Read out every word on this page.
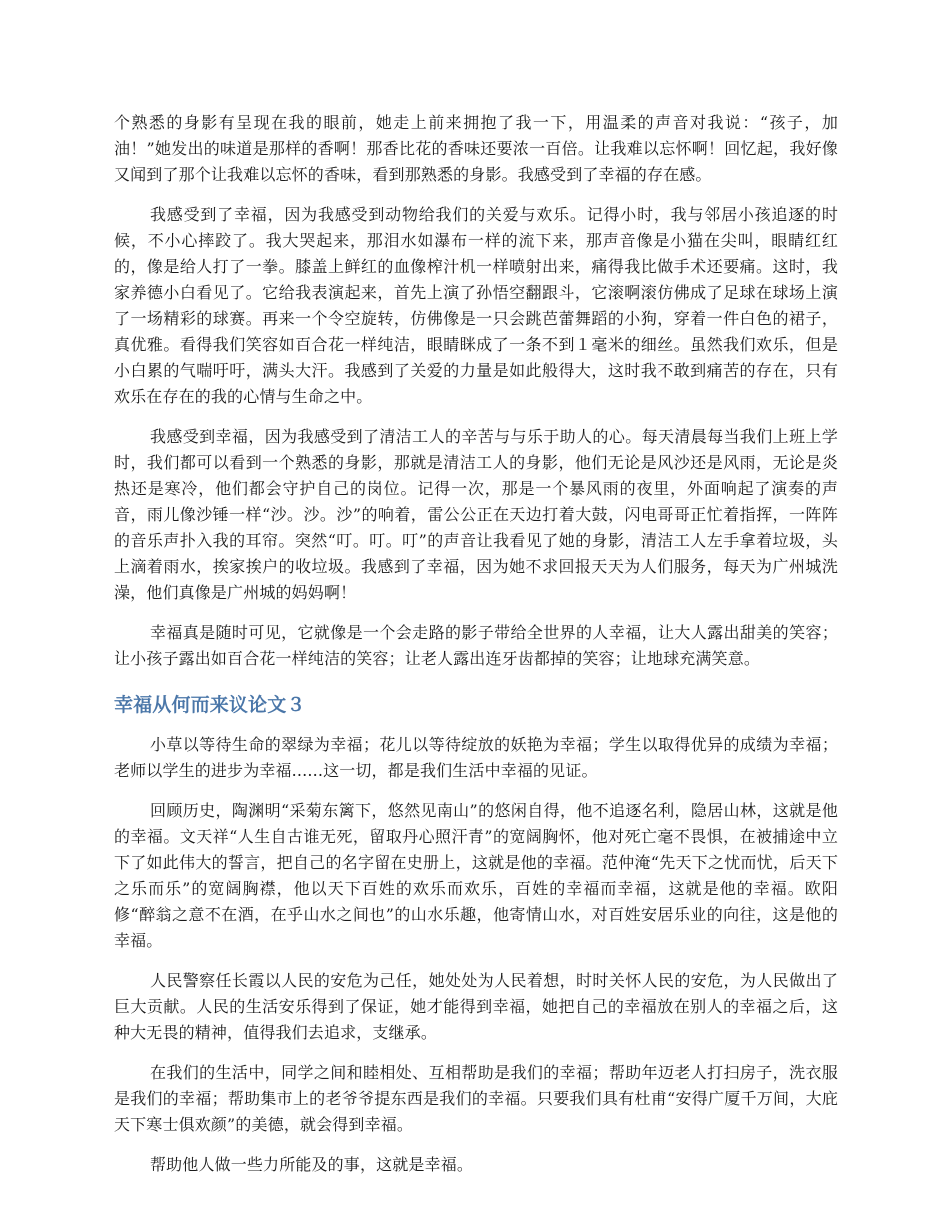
个熟悉的身影有呈现在我的眼前，她走上前来拥抱了我一下，用温柔的声音对我说：“孩子，加油！”她发出的味道是那样的香啊！那香比花的香味还要浓一百倍。让我难以忘怀啊！回忆起，我好像又闻到了那个让我难以忘怀的香味，看到那熟悉的身影。我感受到了幸福的存在感。

我感受到了幸福，因为我感受到动物给我们的关爱与欢乐。记得小时，我与邻居小孩追逐的时候，不小心摔跤了。我大哭起来，那泪水如瀑布一样的流下来，那声音像是小猫在尖叫，眼睛红红的，像是给人打了一拳。膝盖上鲜红的血像榨汁机一样喷射出来，痛得我比做手术还要痛。这时，我家养德小白看见了。它给我表演起来，首先上演了孙悟空翻跟斗，它滚啊滚仿佛成了足球在球场上演了一场精彩的球赛。再来一个令空旋转，仿佛像是一只会跳芭蕾舞蹈的小狗，穿着一件白色的裙子，真优雅。看得我们笑容如百合花一样纯洁，眼睛眯成了一条不到１毫米的细丝。虽然我们欢乐，但是小白累的气喘吁吁，满头大汗。我感到了关爱的力量是如此般得大，这时我不敢到痛苦的存在，只有欢乐在存在的我的心情与生命之中。

我感受到幸福，因为我感受到了清洁工人的辛苦与与乐于助人的心。每天清晨每当我们上班上学时，我们都可以看到一个熟悉的身影，那就是清洁工人的身影，他们无论是风沙还是风雨，无论是炎热还是寒冷，他们都会守护自己的岗位。记得一次，那是一个暴风雨的夜里，外面响起了演奏的声音，雨儿像沙锤一样“沙。沙。沙”的响着，雷公公正在天边打着大鼓，闪电哥哥正忙着指挥，一阵阵的音乐声扑入我的耳帘。突然“叮。叮。叮”的声音让我看见了她的身影，清洁工人左手拿着垃圾，头上滴着雨水，挨家挨户的收垃圾。我感到了幸福，因为她不求回报天天为人们服务，每天为广州城洗澡，他们真像是广州城的妈妈啊！

幸福真是随时可见，它就像是一个会走路的影子带给全世界的人幸福，让大人露出甜美的笑容；让小孩子露出如百合花一样纯洁的笑容；让老人露出连牙齿都掉的笑容；让地球充满笑意。

幸福从何而来议论文３

小草以等待生命的翠绿为幸福；花儿以等待绽放的妖艳为幸福；学生以取得优异的成绩为幸福；老师以学生的进步为幸福......这一切，都是我们生活中幸福的见证。

回顾历史，陶渊明“采菊东篱下，悠然见南山”的悠闲自得，他不追逐名利，隐居山林，这就是他的幸福。文天祥“人生自古谁无死，留取丹心照汗青”的宽阔胸怀，他对死亡毫不畏惧，在被捕途中立下了如此伟大的誓言，把自己的名字留在史册上，这就是他的幸福。范仲淹“先天下之忧而忧，后天下之乐而乐”的宽阔胸襟，他以天下百姓的欢乐而欢乐，百姓的幸福而幸福，这就是他的幸福。欧阳修“醉翁之意不在酒，在乎山水之间也”的山水乐趣，他寄情山水，对百姓安居乐业的向往，这是他的幸福。

人民警察任长霞以人民的安危为己任，她处处为人民着想，时时关怀人民的安危，为人民做出了巨大贡献。人民的生活安乐得到了保证，她才能得到幸福，她把自己的幸福放在别人的幸福之后，这种大无畏的精神，值得我们去追求，支继承。

在我们的生活中，同学之间和睦相处、互相帮助是我们的幸福；帮助年迈老人打扫房子，洗衣服是我们的幸福；帮助集市上的老爷爷提东西是我们的幸福。只要我们具有杜甫“安得广厦千万间，大庇天下寒士俱欢颜”的美德，就会得到幸福。

帮助他人做一些力所能及的事，这就是幸福。
